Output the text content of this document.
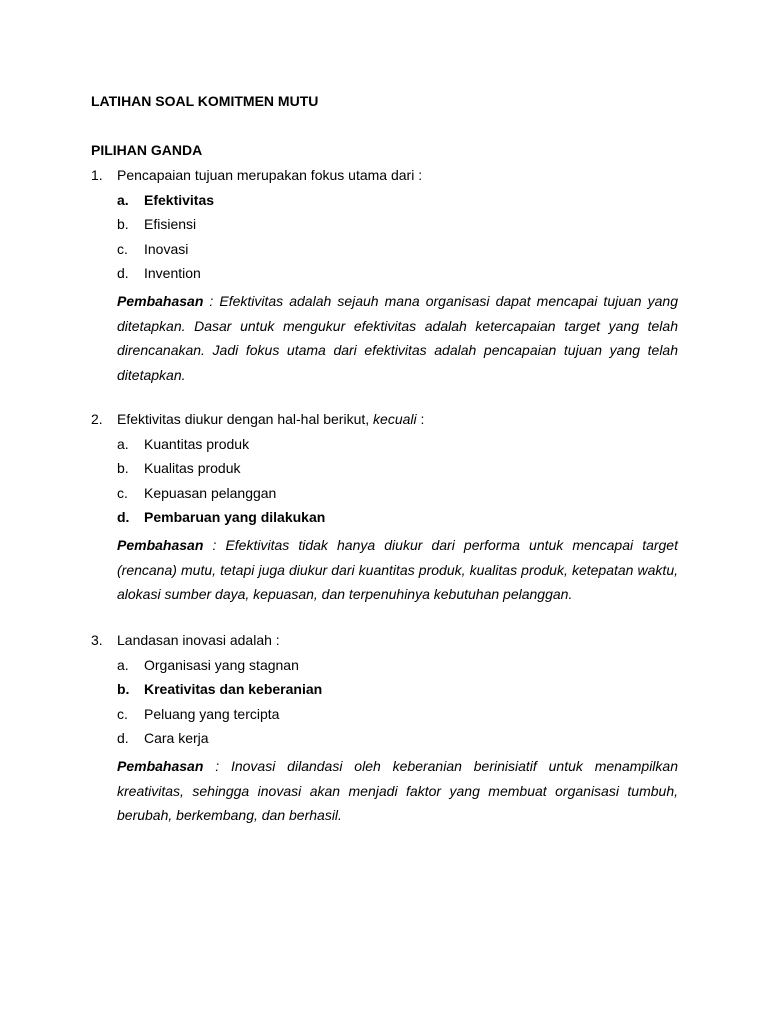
LATIHAN SOAL KOMITMEN MUTU
PILIHAN GANDA
1. Pencapaian tujuan merupakan fokus utama dari :
a. Efektivitas
b. Efisiensi
c. Inovasi
d. Invention

Pembahasan : Efektivitas adalah sejauh mana organisasi dapat mencapai tujuan yang ditetapkan. Dasar untuk mengukur efektivitas adalah ketercapaian target yang telah direncanakan. Jadi fokus utama dari efektivitas adalah pencapaian tujuan yang telah ditetapkan.

2. Efektivitas diukur dengan hal-hal berikut, kecuali :
a. Kuantitas produk
b. Kualitas produk
c. Kepuasan pelanggan
d. Pembaruan yang dilakukan

Pembahasan : Efektivitas tidak hanya diukur dari performa untuk mencapai target (rencana) mutu, tetapi juga diukur dari kuantitas produk, kualitas produk, ketepatan waktu, alokasi sumber daya, kepuasan, dan terpenuhinya kebutuhan pelanggan.

3. Landasan inovasi adalah :
a. Organisasi yang stagnan
b. Kreativitas dan keberanian
c. Peluang yang tercipta
d. Cara kerja

Pembahasan : Inovasi dilandasi oleh keberanian berinisiatif untuk menampilkan kreativitas, sehingga inovasi akan menjadi faktor yang membuat organisasi tumbuh, berubah, berkembang, dan berhasil.
